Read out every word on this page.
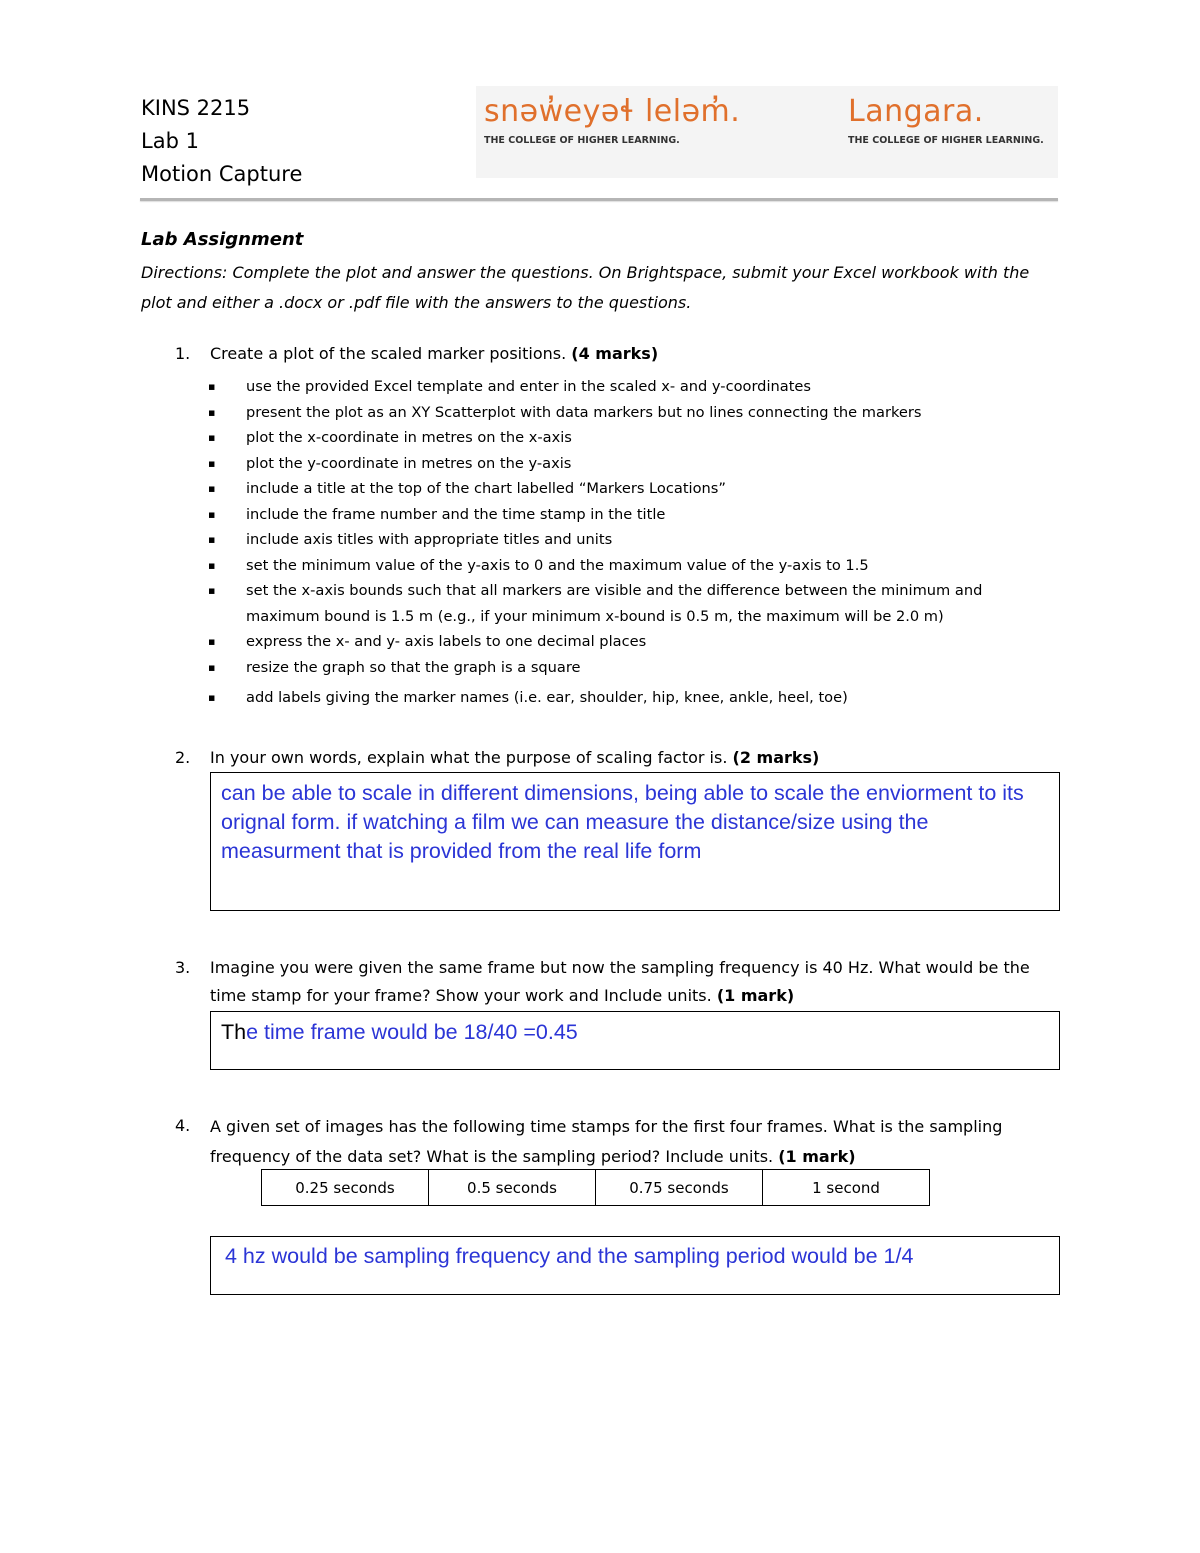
KINS 2215
Lab 1
Motion Capture
snəw̓eyəɬ leləm̓.
THE COLLEGE OF HIGHER LEARNING.
Langara.
THE COLLEGE OF HIGHER LEARNING.
Lab Assignment
Directions: Complete the plot and answer the questions. On Brightspace, submit your Excel workbook with the plot and either a .docx or .pdf file with the answers to the questions.
1. Create a plot of the scaled marker positions. (4 marks)
▪ use the provided Excel template and enter in the scaled x- and y-coordinates
▪ present the plot as an XY Scatterplot with data markers but no lines connecting the markers
▪ plot the x-coordinate in metres on the x-axis
▪ plot the y-coordinate in metres on the y-axis
▪ include a title at the top of the chart labelled “Markers Locations”
▪ include the frame number and the time stamp in the title
▪ include axis titles with appropriate titles and units
▪ set the minimum value of the y-axis to 0 and the maximum value of the y-axis to 1.5
▪ set the x-axis bounds such that all markers are visible and the difference between the minimum and maximum bound is 1.5 m (e.g., if your minimum x-bound is 0.5 m, the maximum will be 2.0 m)
▪ express the x- and y- axis labels to one decimal places
▪ resize the graph so that the graph is a square
▪ add labels giving the marker names (i.e. ear, shoulder, hip, knee, ankle, heel, toe)
2. In your own words, explain what the purpose of scaling factor is. (2 marks)
can be able to scale in different dimensions, being able to scale the enviorment to its orignal form. if watching a film we can measure the distance/size using the measurment that is provided from the real life form
3. Imagine you were given the same frame but now the sampling frequency is 40 Hz. What would be the time stamp for your frame? Show your work and Include units. (1 mark)
The time frame would be 18/40 =0.45
4. A given set of images has the following time stamps for the first four frames. What is the sampling frequency of the data set? What is the sampling period? Include units. (1 mark)
0.25 seconds	0.5 seconds	0.75 seconds	1 second
4 hz would be sampling frequency and the sampling period would be 1/4
